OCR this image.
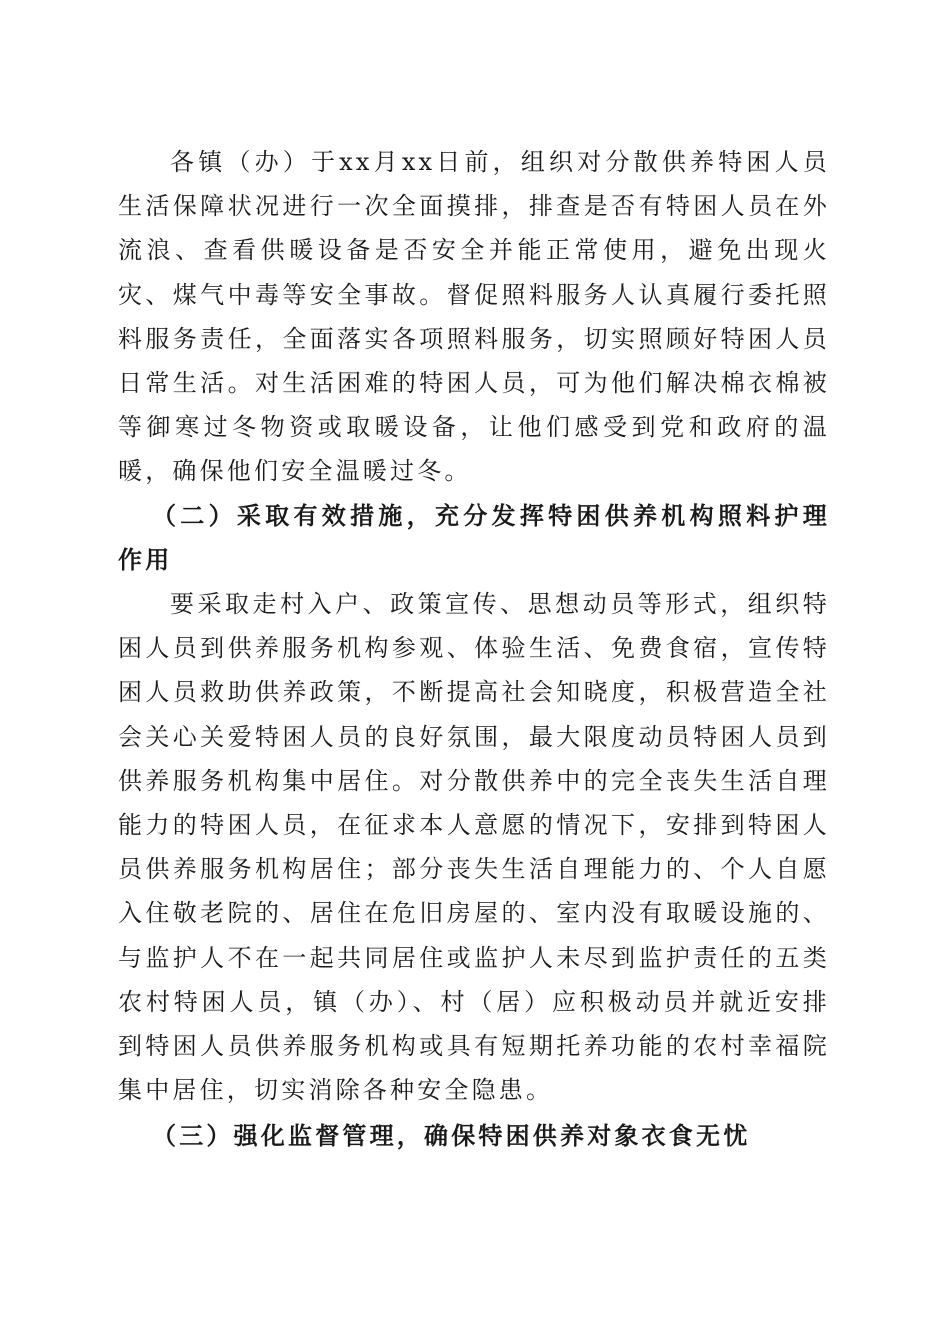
各镇（办）于xx月xx日前，组织对分散供养特困人员生活保障状况进行一次全面摸排，排查是否有特困人员在外流浪、查看供暖设备是否安全并能正常使用，避免出现火灾、煤气中毒等安全事故。督促照料服务人认真履行委托照料服务责任，全面落实各项照料服务，切实照顾好特困人员日常生活。对生活困难的特困人员，可为他们解决棉衣棉被等御寒过冬物资或取暖设备，让他们感受到党和政府的温暖，确保他们安全温暖过冬。

（二）采取有效措施，充分发挥特困供养机构照料护理作用

要采取走村入户、政策宣传、思想动员等形式，组织特困人员到供养服务机构参观、体验生活、免费食宿，宣传特困人员救助供养政策，不断提高社会知晓度，积极营造全社会关心关爱特困人员的良好氛围，最大限度动员特困人员到供养服务机构集中居住。对分散供养中的完全丧失生活自理能力的特困人员，在征求本人意愿的情况下，安排到特困人员供养服务机构居住；部分丧失生活自理能力的、个人自愿入住敬老院的、居住在危旧房屋的、室内没有取暖设施的、与监护人不在一起共同居住或监护人未尽到监护责任的五类农村特困人员，镇（办）、村（居）应积极动员并就近安排到特困人员供养服务机构或具有短期托养功能的农村幸福院集中居住，切实消除各种安全隐患。

（三）强化监督管理，确保特困供养对象衣食无忧
